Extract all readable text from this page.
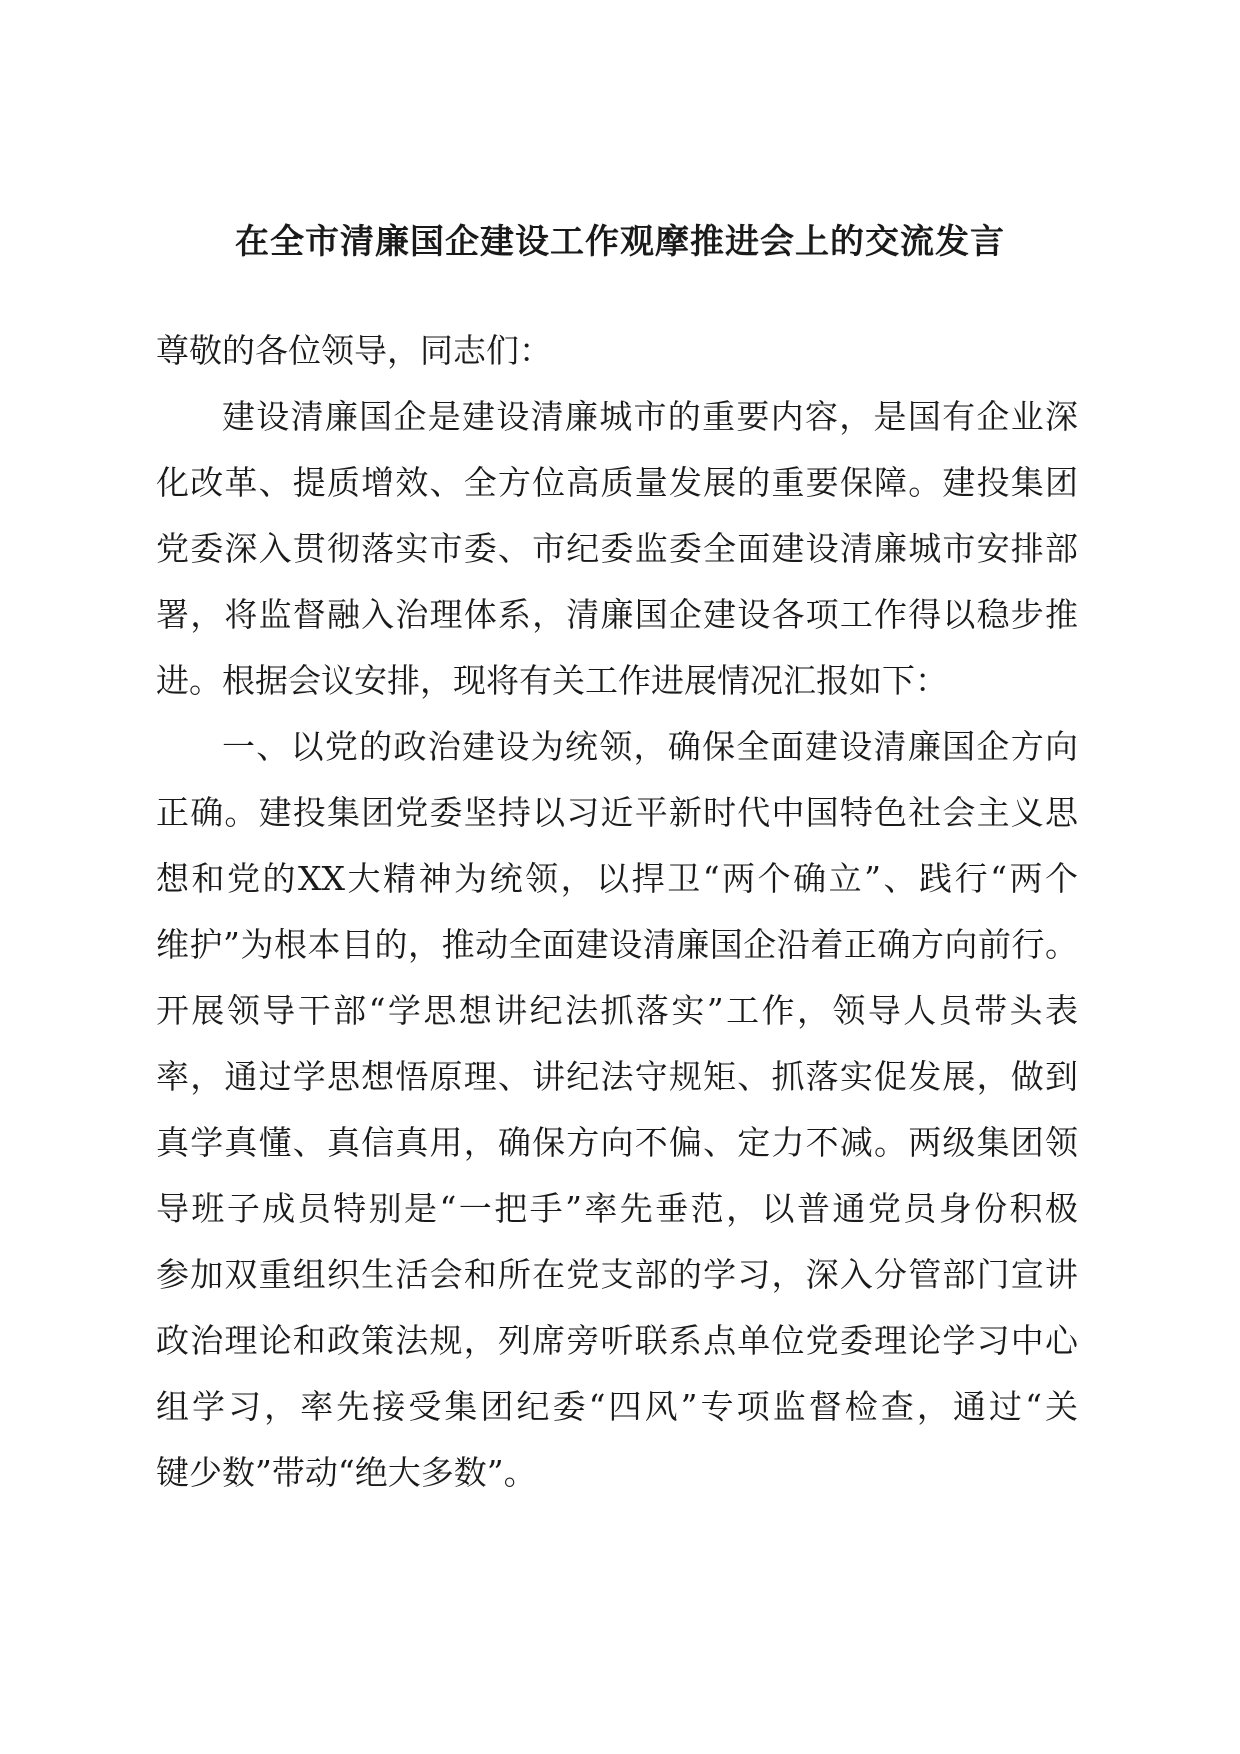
在全市清廉国企建设工作观摩推进会上的交流发言
尊敬的各位领导，同志们：
建设清廉国企是建设清廉城市的重要内容，是国有企业深
化改革、提质增效、全方位高质量发展的重要保障。建投集团
党委深入贯彻落实市委、市纪委监委全面建设清廉城市安排部
署，将监督融入治理体系，清廉国企建设各项工作得以稳步推
进。根据会议安排，现将有关工作进展情况汇报如下：
一、以党的政治建设为统领，确保全面建设清廉国企方向
正确。建投集团党委坚持以习近平新时代中国特色社会主义思
想和党的XX大精神为统领，以捍卫“两个确立”、践行“两个
维护”为根本目的，推动全面建设清廉国企沿着正确方向前行。
开展领导干部“学思想讲纪法抓落实”工作，领导人员带头表
率，通过学思想悟原理、讲纪法守规矩、抓落实促发展，做到
真学真懂、真信真用，确保方向不偏、定力不减。两级集团领
导班子成员特别是“一把手”率先垂范，以普通党员身份积极
参加双重组织生活会和所在党支部的学习，深入分管部门宣讲
政治理论和政策法规，列席旁听联系点单位党委理论学习中心
组学习，率先接受集团纪委“四风”专项监督检查，通过“关
键少数”带动“绝大多数”。
